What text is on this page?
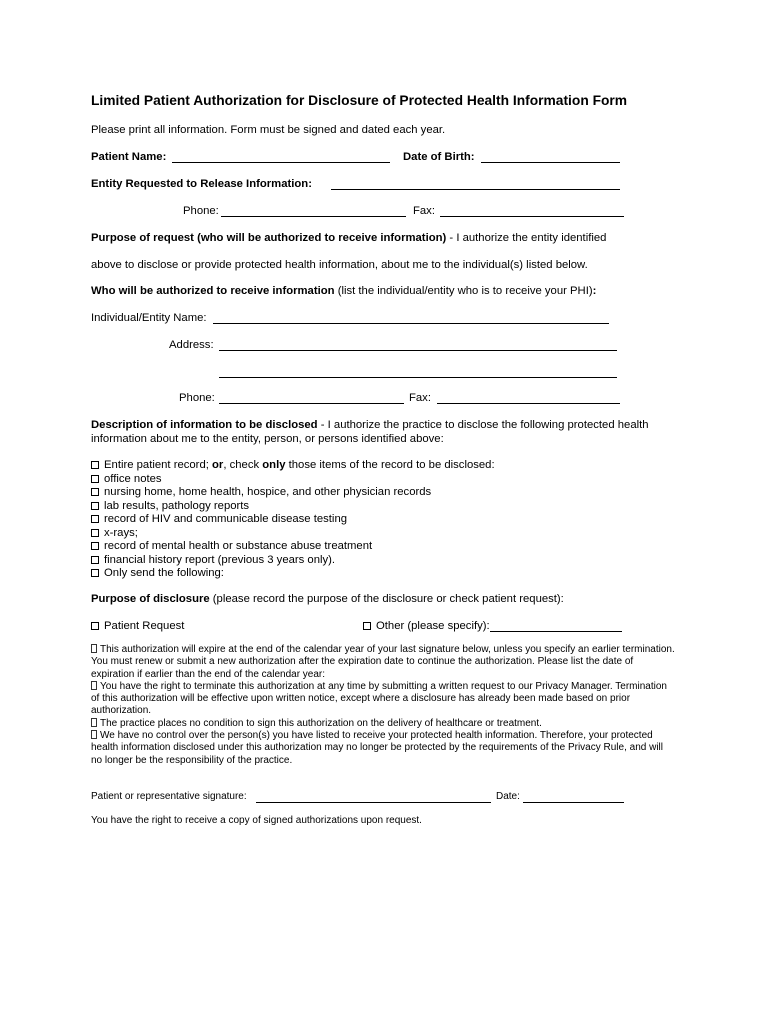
Limited Patient Authorization for Disclosure of Protected Health Information Form
Please print all information. Form must be signed and dated each year.
Patient Name:	Date of Birth:
Entity Requested to Release Information:
Phone:	Fax:
Purpose of request (who will be authorized to receive information) - I authorize the entity identified
above to disclose or provide protected health information, about me to the individual(s) listed below.
Who will be authorized to receive information (list the individual/entity who is to receive your PHI):
Individual/Entity Name:
Address:
Phone:	Fax:
Description of information to be disclosed - I authorize the practice to disclose the following protected health
information about me to the entity, person, or persons identified above:
Entire patient record; or, check only those items of the record to be disclosed:
office notes
nursing home, home health, hospice, and other physician records
lab results, pathology reports
record of HIV and communicable disease testing
x-rays;
record of mental health or substance abuse treatment
financial history report (previous 3 years only).
Only send the following:
Purpose of disclosure (please record the purpose of the disclosure or check patient request):
Patient Request	Other (please specify):
This authorization will expire at the end of the calendar year of your last signature below, unless you specify an earlier termination.
You must renew or submit a new authorization after the expiration date to continue the authorization. Please list the date of
expiration if earlier than the end of the calendar year:
You have the right to terminate this authorization at any time by submitting a written request to our Privacy Manager. Termination
of this authorization will be effective upon written notice, except where a disclosure has already been made based on prior
authorization.
The practice places no condition to sign this authorization on the delivery of healthcare or treatment.
We have no control over the person(s) you have listed to receive your protected health information. Therefore, your protected
health information disclosed under this authorization may no longer be protected by the requirements of the Privacy Rule, and will
no longer be the responsibility of the practice.
Patient or representative signature:	Date:
You have the right to receive a copy of signed authorizations upon request.
